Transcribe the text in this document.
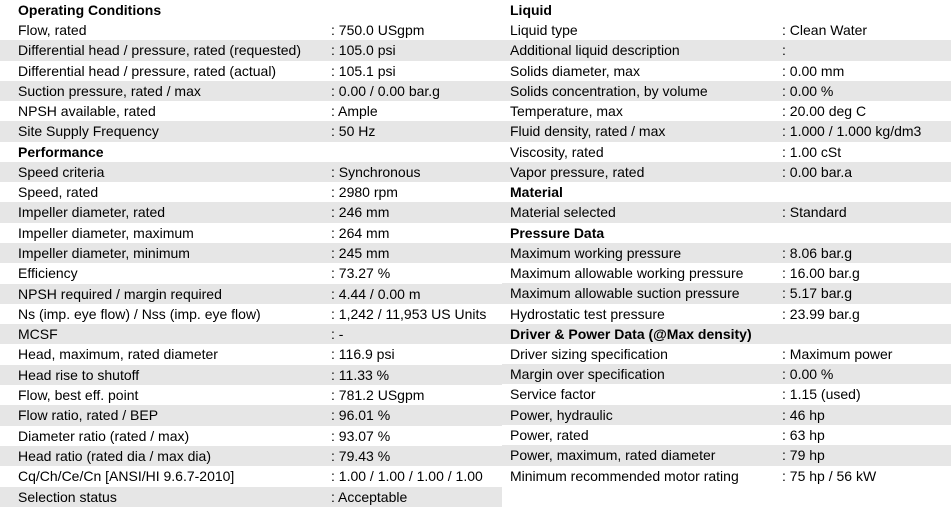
Operating Conditions
Flow, rated	: 750.0 USgpm
Differential head / pressure, rated (requested) : 105.0 psi
Differential head / pressure, rated (actual)	: 105.1 psi
Suction pressure, rated / max	: 0.00 / 0.00 bar.g
NPSH available, rated	: Ample
Site Supply Frequency	: 50 Hz
Performance
Speed criteria	: Synchronous
Speed, rated	: 2980 rpm
Impeller diameter, rated	: 246 mm
Impeller diameter, maximum	: 264 mm
Impeller diameter, minimum	: 245 mm
Efficiency	: 73.27 %
NPSH required / margin required	: 4.44 / 0.00 m
Ns (imp. eye flow) / Nss (imp. eye flow)	: 1,242 / 11,953 US Units
MCSF	: -
Head, maximum, rated diameter	: 116.9 psi
Head rise to shutoff	: 11.33 %
Flow, best eff. point	: 781.2 USgpm
Flow ratio, rated / BEP	: 96.01 %
Diameter ratio (rated / max)	: 93.07 %
Head ratio (rated dia / max dia)	: 79.43 %
Cq/Ch/Ce/Cn [ANSI/HI 9.6.7-2010]	: 1.00 / 1.00 / 1.00 / 1.00
Selection status	: Acceptable
Liquid
Liquid type	: Clean Water
Additional liquid description	:
Solids diameter, max	: 0.00 mm
Solids concentration, by volume	: 0.00 %
Temperature, max	: 20.00 deg C
Fluid density, rated / max	: 1.000 / 1.000 kg/dm3
Viscosity, rated	: 1.00 cSt
Vapor pressure, rated	: 0.00 bar.a
Material
Material selected	: Standard
Pressure Data
Maximum working pressure	: 8.06 bar.g
Maximum allowable working pressure	: 16.00 bar.g
Maximum allowable suction pressure	: 5.17 bar.g
Hydrostatic test pressure	: 23.99 bar.g
Driver & Power Data (@Max density)
Driver sizing specification	: Maximum power
Margin over specification	: 0.00 %
Service factor	: 1.15 (used)
Power, hydraulic	: 46 hp
Power, rated	: 63 hp
Power, maximum, rated diameter	: 79 hp
Minimum recommended motor rating	: 75 hp / 56 kW
